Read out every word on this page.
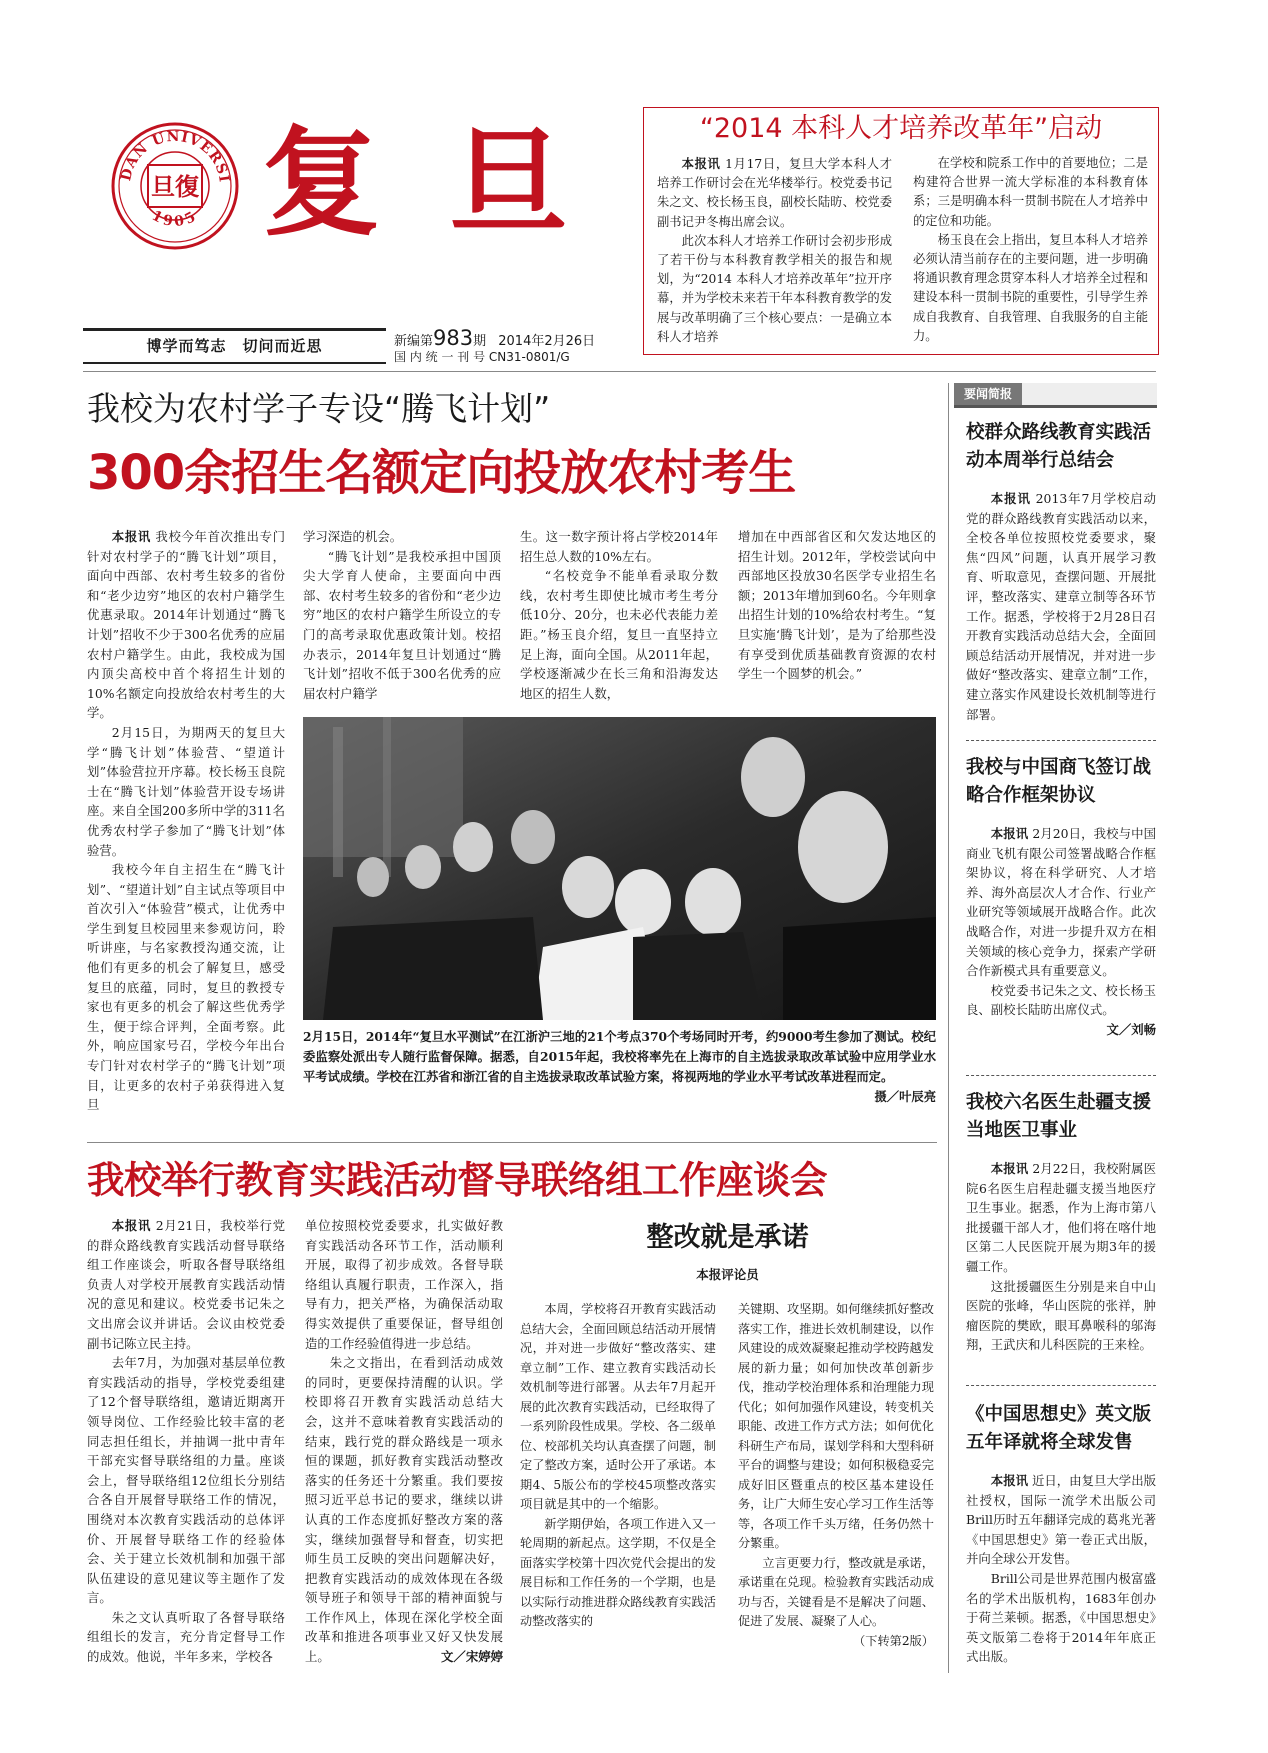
DAN UNIVERSI
1905
旦復 复 旦
博学而笃志　切问而近思	新编第983期 2014年2月26日
国 内 统 一 刊 号 CN31-0801/G
“2014 本科人才培养改革年”启动

本报讯 1月17日，复旦大学本科人才培养工作研讨会在光华楼举行。校党委书记朱之文、校长杨玉良，副校长陆昉、校党委副书记尹冬梅出席会议。

此次本科人才培养工作研讨会初步形成了若干份与本科教育教学相关的报告和规划，为“2014 本科人才培养改革年”拉开序幕，并为学校未来若干年本科教育教学的发展与改革明确了三个核心要点：一是确立本科人才培养

在学校和院系工作中的首要地位；二是构建符合世界一流大学标准的本科教育体系；三是明确本科一贯制书院在人才培养中的定位和功能。

杨玉良在会上指出，复旦本科人才培养必须认清当前存在的主要问题，进一步明确将通识教育理念贯穿本科人才培养全过程和建设本科一贯制书院的重要性，引导学生养成自我教育、自我管理、自我服务的自主能力。

我校为农村学子专设“腾飞计划”
300余招生名额定向投放农村考生

本报讯 我校今年首次推出专门针对农村学子的“腾飞计划”项目，面向中西部、农村考生较多的省份和“老少边穷”地区的农村户籍学生优惠录取。2014年计划通过“腾飞计划”招收不少于300名优秀的应届农村户籍学生。由此，我校成为国内顶尖高校中首个将招生计划的10%名额定向投放给农村考生的大学。

2月15日，为期两天的复旦大学“腾飞计划”体验营、“望道计划”体验营拉开序幕。校长杨玉良院士在“腾飞计划”体验营开设专场讲座。来自全国200多所中学的311名优秀农村学子参加了“腾飞计划”体验营。

我校今年自主招生在“腾飞计划”、“望道计划”自主试点等项目中首次引入“体验营”模式，让优秀中学生到复旦校园里来参观访问，聆听讲座，与名家教授沟通交流，让他们有更多的机会了解复旦，感受复旦的底蕴，同时，复旦的教授专家也有更多的机会了解这些优秀学生，便于综合评判，全面考察。此外，响应国家号召，学校今年出台专门针对农村学子的“腾飞计划”项目，让更多的农村子弟获得进入复旦

学习深造的机会。

“腾飞计划”是我校承担中国顶尖大学育人使命，主要面向中西部、农村考生较多的省份和“老少边穷”地区的农村户籍学生所设立的专门的高考录取优惠政策计划。校招办表示，2014年复旦计划通过“腾飞计划”招收不低于300名优秀的应届农村户籍学

生。这一数字预计将占学校2014年招生总人数的10%左右。

“名校竞争不能单看录取分数线，农村考生即使比城市考生考分低10分、20分，也未必代表能力差距。”杨玉良介绍，复旦一直坚持立足上海，面向全国。从2011年起，学校逐渐减少在长三角和沿海发达地区的招生人数，

增加在中西部省区和欠发达地区的招生计划。2012年，学校尝试向中西部地区投放30名医学专业招生名额；2013年增加到60名。今年则拿出招生计划的10%给农村考生。“复旦实施‘腾飞计划’，是为了给那些没有享受到优质基础教育资源的农村学生一个圆梦的机会。”

2月15日，2014年“复旦水平测试”在江浙沪三地的21个考点370个考场同时开考，约9000考生参加了测试。校纪委监察处派出专人随行监督保障。据悉，自2015年起，我校将率先在上海市的自主选拔录取改革试验中应用学业水平考试成绩。学校在江苏省和浙江省的自主选拔录取改革试验方案，将视两地的学业水平考试改革进程而定。
摄／叶辰亮
要闻简报
校群众路线教育实践活动本周举行总结会

本报讯 2013年7月学校启动党的群众路线教育实践活动以来，全校各单位按照校党委要求，聚焦“四风”问题，认真开展学习教育、听取意见，查摆问题、开展批评，整改落实、建章立制等各环节工作。据悉，学校将于2月28日召开教育实践活动总结大会，全面回顾总结活动开展情况，并对进一步做好“整改落实、建章立制”工作，建立落实作风建设长效机制等进行部署。

我校与中国商飞签订战略合作框架协议

本报讯 2月20日，我校与中国商业飞机有限公司签署战略合作框架协议，将在科学研究、人才培养、海外高层次人才合作、行业产业研究等领域展开战略合作。此次战略合作，对进一步提升双方在相关领域的核心竞争力，探索产学研合作新模式具有重要意义。

校党委书记朱之文、校长杨玉良、副校长陆昉出席仪式。

文／刘畅
我校六名医生赴疆支援当地医卫事业

本报讯 2月22日，我校附属医院6名医生启程赴疆支援当地医疗卫生事业。据悉，作为上海市第八批援疆干部人才，他们将在喀什地区第二人民医院开展为期3年的援疆工作。

这批援疆医生分别是来自中山医院的张峰，华山医院的张祥，肿瘤医院的樊欧，眼耳鼻喉科的邬海翔，王武庆和儿科医院的王来栓。

《中国思想史》英文版五年译就将全球发售

本报讯 近日，由复旦大学出版社授权，国际一流学术出版公司Brill历时五年翻译完成的葛兆光著《中国思想史》第一卷正式出版，并向全球公开发售。

Brill公司是世界范围内极富盛名的学术出版机构，1683年创办于荷兰莱顿。据悉，《中国思想史》英文版第二卷将于2014年年底正式出版。

我校举行教育实践活动督导联络组工作座谈会

本报讯 2月21日，我校举行党的群众路线教育实践活动督导联络组工作座谈会，听取各督导联络组负责人对学校开展教育实践活动情况的意见和建议。校党委书记朱之文出席会议并讲话。会议由校党委副书记陈立民主持。

去年7月，为加强对基层单位教育实践活动的指导，学校党委组建了12个督导联络组，邀请近期离开领导岗位、工作经验比较丰富的老同志担任组长，并抽调一批中青年干部充实督导联络组的力量。座谈会上，督导联络组12位组长分别结合各自开展督导联络工作的情况，围绕对本次教育实践活动的总体评价、开展督导联络工作的经验体会、关于建立长效机制和加强干部队伍建设的意见建议等主题作了发言。

朱之文认真听取了各督导联络组组长的发言，充分肯定督导工作的成效。他说，半年多来，学校各

单位按照校党委要求，扎实做好教育实践活动各环节工作，活动顺利开展，取得了初步成效。各督导联络组认真履行职责，工作深入，指导有力，把关严格，为确保活动取得实效提供了重要保证，督导组创造的工作经验值得进一步总结。

朱之文指出，在看到活动成效的同时，更要保持清醒的认识。学校即将召开教育实践活动总结大会，这并不意味着教育实践活动的结束，践行党的群众路线是一项永恒的课题，抓好教育实践活动整改落实的任务还十分繁重。我们要按照习近平总书记的要求，继续以讲认真的工作态度抓好整改方案的落实，继续加强督导和督查，切实把师生员工反映的突出问题解决好，把教育实践活动的成效体现在各级领导班子和领导干部的精神面貌与工作作风上，体现在深化学校全面改革和推进各项事业又好又快发展上。	文／宋婷婷
整改就是承诺
本报评论员

本周，学校将召开教育实践活动总结大会，全面回顾总结活动开展情况，并对进一步做好“整改落实、建章立制”工作、建立教育实践活动长效机制等进行部署。从去年7月起开展的此次教育实践活动，已经取得了一系列阶段性成果。学校、各二级单位、校部机关均认真查摆了问题，制定了整改方案，适时公开了承诺。本期4、5版公布的学校45项整改落实项目就是其中的一个缩影。

新学期伊始，各项工作进入又一轮周期的新起点。这学期，不仅是全面落实学校第十四次党代会提出的发展目标和工作任务的一个学期，也是以实际行动推进群众路线教育实践活动整改落实的

关键期、攻坚期。如何继续抓好整改落实工作，推进长效机制建设，以作风建设的成效凝聚起推动学校跨越发展的新力量；如何加快改革创新步伐，推动学校治理体系和治理能力现代化；如何加强作风建设，转变机关职能、改进工作方式方法；如何优化科研生产布局，谋划学科和大型科研平台的调整与建设；如何积极稳妥完成好旧区暨重点的校区基本建设任务，让广大师生安心学习工作生活等等，各项工作千头万绪，任务仍然十分繁重。

立言更要力行，整改就是承诺，承诺重在兑现。检验教育实践活动成功与否，关键看是不是解决了问题、促进了发展、凝聚了人心。

（下转第2版）
